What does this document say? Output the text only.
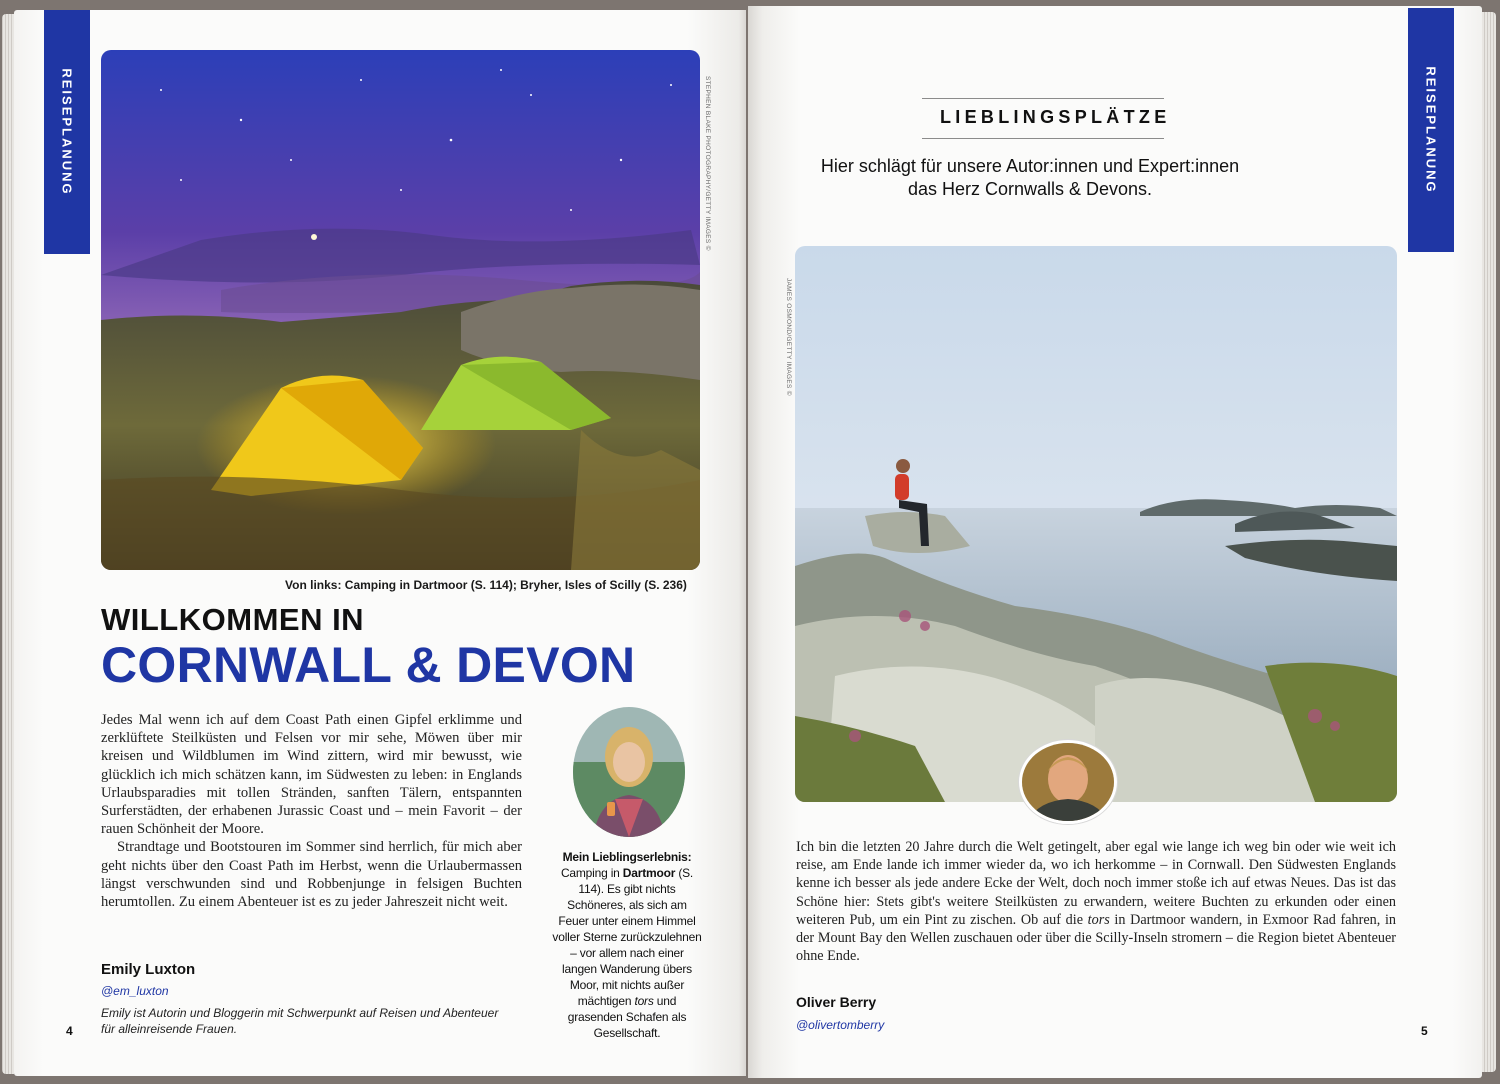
REISEPLANUNG	STEPHEN BLAKE PHOTOGRAPHY/GETTY IMAGES ©
Von links: Camping in Dartmoor (S. 114); Bryher, Isles of Scilly (S. 236)
WILLKOMMEN IN
CORNWALL & DEVON

Jedes Mal wenn ich auf dem Coast Path einen Gipfel erklimme und zerklüftete Steilküsten und Felsen vor mir sehe, Möwen über mir kreisen und Wildblumen im Wind zittern, wird mir bewusst, wie glücklich ich mich schätzen kann, im Südwesten zu leben: in Englands Urlaubsparadies mit tollen Stränden, sanften Tälern, entspannten Surferstädten, der erhabenen Jurassic Coast und – mein Favorit – der rauen Schönheit der Moore.

Strandtage und Bootstouren im Sommer sind herrlich, für mich aber geht nichts über den Coast Path im Herbst, wenn die Urlaubermassen längst verschwunden sind und Robbenjunge in felsigen Buchten herumtollen. Zu einem Abenteuer ist es zu jeder Jahreszeit nicht weit.

Mein Lieblingserlebnis:
Camping in Dartmoor (S. 114). Es gibt nichts Schöneres, als sich am Feuer unter einem Himmel voller Sterne zurückzulehnen – vor allem nach einer langen Wanderung übers Moor, mit nichts außer mächtigen tors und grasenden Schafen als Gesellschaft.
Emily Luxton
@em_luxton
Emily ist Autorin und Bloggerin mit Schwerpunkt auf Reisen und Abenteuer für alleinreisende Frauen.
4
REISEPLANUNG
LIEBLINGSPLÄTZE
Hier schlägt für unsere Autor:innen und Expert:innen das Herz Cornwalls & Devons.
JAMES OSMOND/GETTY IMAGES ©
Ich bin die letzten 20 Jahre durch die Welt getingelt, aber egal wie lange ich weg bin oder wie weit ich reise, am Ende lande ich immer wieder da, wo ich herkomme – in Cornwall. Den Südwesten Englands kenne ich besser als jede andere Ecke der Welt, doch noch immer stoße ich auf etwas Neues. Das ist das Schöne hier: Stets gibt's weitere Steilküsten zu erwandern, weitere Buchten zu erkunden oder einen weiteren Pub, um ein Pint zu zischen. Ob auf die tors in Dartmoor wandern, in Exmoor Rad fahren, in der Mount Bay den Wellen zuschauen oder über die Scilly-Inseln stromern – die Region bietet Abenteuer ohne Ende.
Oliver Berry
@olivertomberry	5
